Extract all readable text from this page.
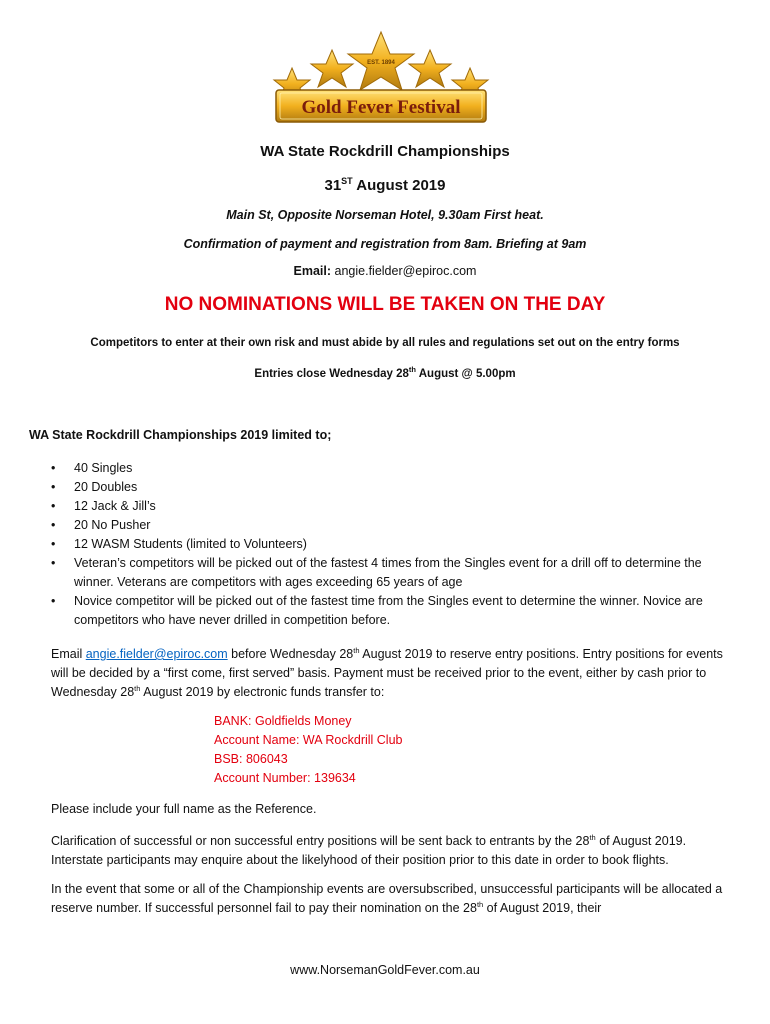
EST. 1894
Gold Fever Festival
WA State Rockdrill Championships
31ST August 2019
Main St, Opposite Norseman Hotel, 9.30am First heat.
Confirmation of payment and registration from 8am. Briefing at 9am
Email: angie.fielder@epiroc.com
NO NOMINATIONS WILL BE TAKEN ON THE DAY
Competitors to enter at their own risk and must abide by all rules and regulations set out on the entry forms
Entries close Wednesday 28th August @ 5.00pm
WA State Rockdrill Championships 2019 limited to;
• 40 Singles
• 20 Doubles
• 12 Jack & Jill’s
• 20 No Pusher
• 12 WASM Students (limited to Volunteers)
• Veteran’s competitors will be picked out of the fastest 4 times from the Singles event for a drill off to determine the winner. Veterans are competitors with ages exceeding 65 years of age
• Novice competitor will be picked out of the fastest time from the Singles event to determine the winner. Novice are competitors who have never drilled in competition before.
Email angie.fielder@epiroc.com before Wednesday 28th August 2019 to reserve entry positions. Entry positions for events will be decided by a “first come, first served” basis. Payment must be received prior to the event, either by cash prior to Wednesday 28th August 2019 by electronic funds transfer to:
BANK: Goldfields Money
Account Name: WA Rockdrill Club
BSB: 806043
Account Number: 139634
Please include your full name as the Reference.
Clarification of successful or non successful entry positions will be sent back to entrants by the 28th of August 2019. Interstate participants may enquire about the likelyhood of their position prior to this date in order to book flights.
In the event that some or all of the Championship events are oversubscribed, unsuccessful participants will be allocated a reserve number. If successful personnel fail to pay their nomination on the 28th of August 2019, their
www.NorsemanGoldFever.com.au
